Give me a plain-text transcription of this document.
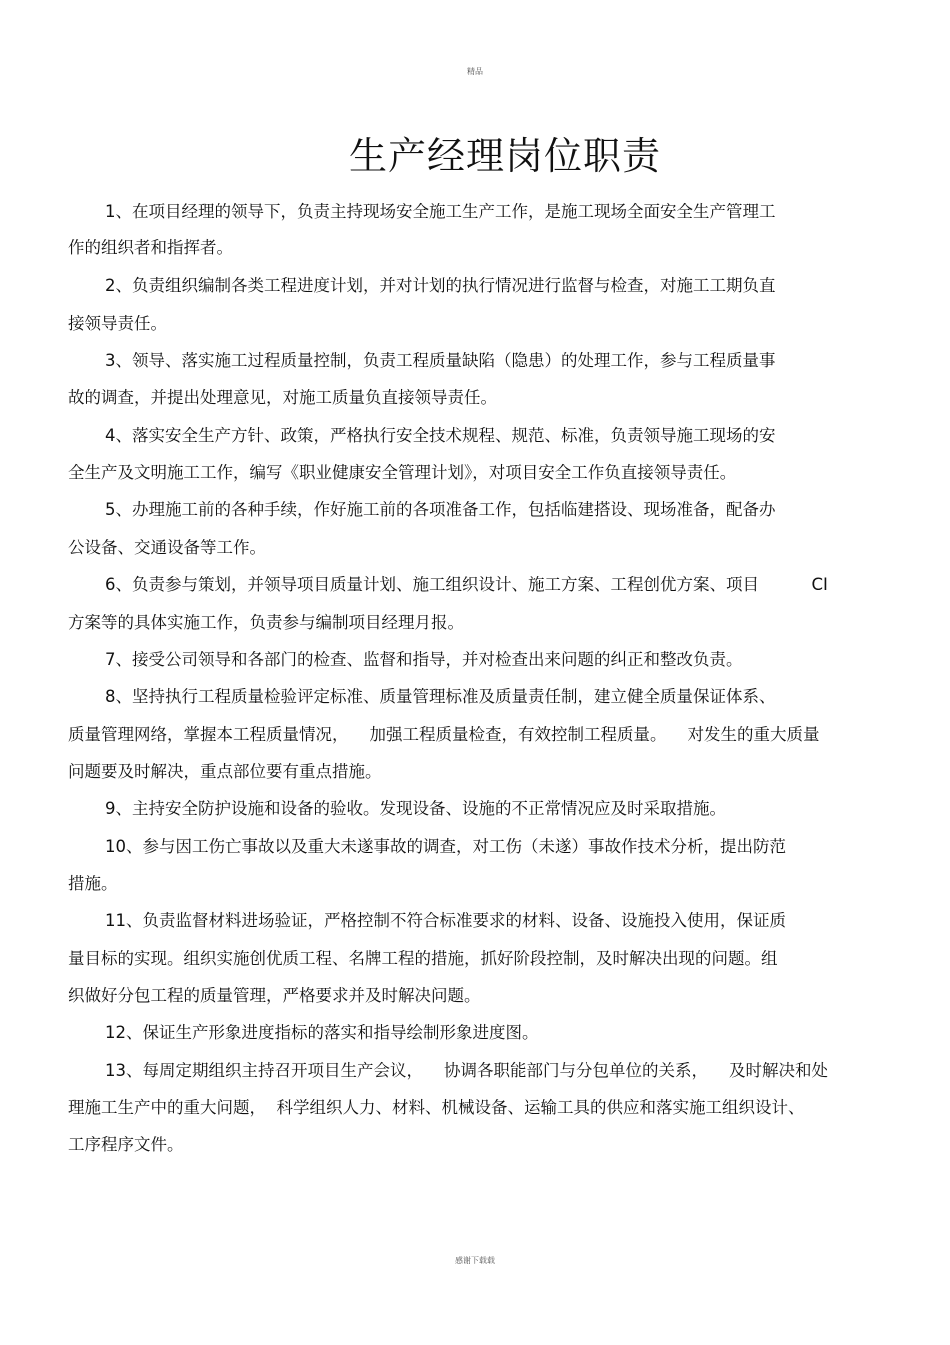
精品
生产经理岗位职责
1、在项目经理的领导下，负责主持现场安全施工生产工作，是施工现场全面安全生产管理工
作的组织者和指挥者。
2、负责组织编制各类工程进度计划，并对计划的执行情况进行监督与检查，对施工工期负直
接领导责任。
3、领导、落实施工过程质量控制，负责工程质量缺陷（隐患）的处理工作，参与工程质量事
故的调查，并提出处理意见，对施工质量负直接领导责任。
4、落实安全生产方针、政策，严格执行安全技术规程、规范、标准，负责领导施工现场的安
全生产及文明施工工作，编写《职业健康安全管理计划》，对项目安全工作负直接领导责任。
5、办理施工前的各种手续，作好施工前的各项准备工作，包括临建搭设、现场准备，配备办
公设备、交通设备等工作。
6、负责参与策划，并领导项目质量计划、施工组织设计、施工方案、工程创优方案、项目          CI
方案等的具体实施工作，负责参与编制项目经理月报。
7、接受公司领导和各部门的检查、监督和指导，并对检查出来问题的纠正和整改负责。
8、坚持执行工程质量检验评定标准、质量管理标准及质量责任制，建立健全质量保证体系、
质量管理网络，掌握本工程质量情况，    加强工程质量检查，有效控制工程质量。    对发生的重大质量
问题要及时解决，重点部位要有重点措施。
9、主持安全防护设施和设备的验收。发现设备、设施的不正常情况应及时采取措施。
10、参与因工伤亡事故以及重大未遂事故的调查，对工伤（未遂）事故作技术分析，提出防范
措施。
11、负责监督材料进场验证，严格控制不符合标准要求的材料、设备、设施投入使用，保证质
量目标的实现。组织实施创优质工程、名牌工程的措施，抓好阶段控制，及时解决出现的问题。组
织做好分包工程的质量管理，严格要求并及时解决问题。
12、保证生产形象进度指标的落实和指导绘制形象进度图。
13、每周定期组织主持召开项目生产会议，    协调各职能部门与分包单位的关系，    及时解决和处
理施工生产中的重大问题，  科学组织人力、材料、机械设备、运输工具的供应和落实施工组织设计、
工序程序文件。
感谢下载载
